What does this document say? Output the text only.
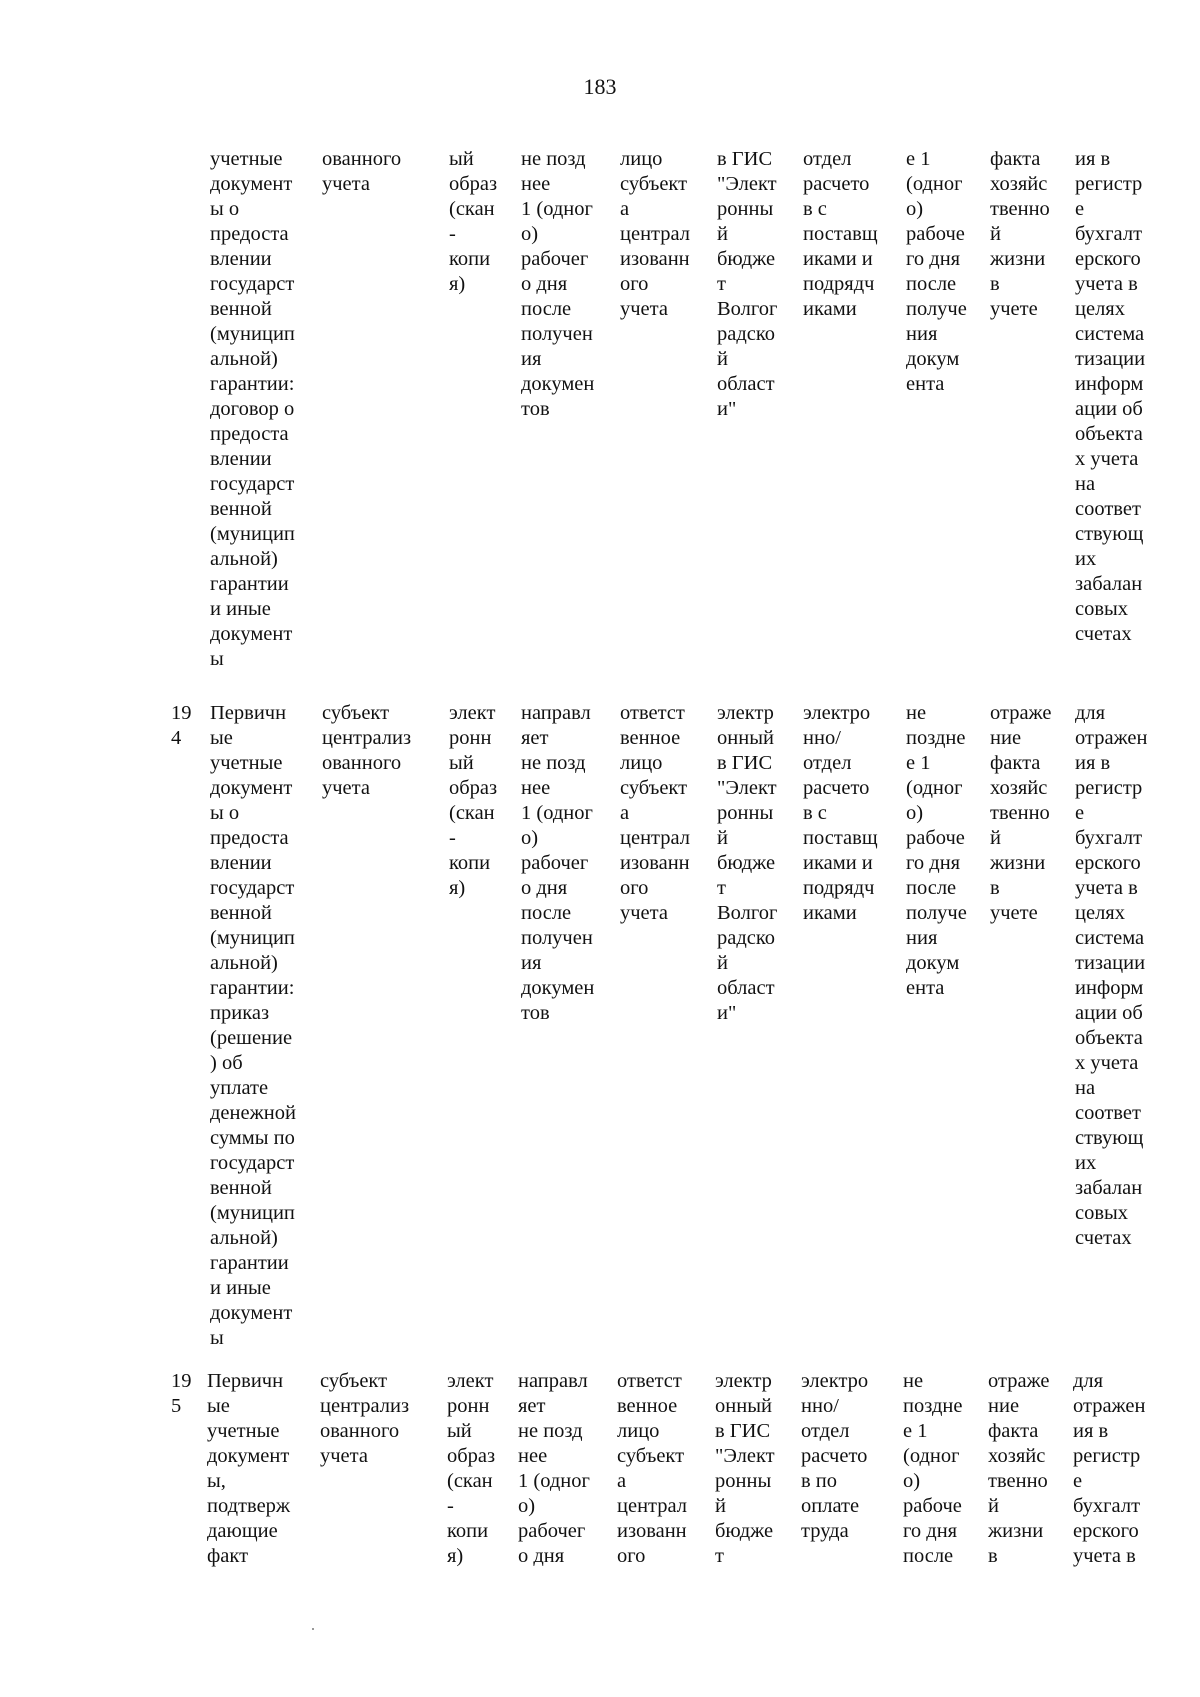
183
учетные
документ
ы о
предоста
влении
государст
венной
(муницип
альной)
гарантии:
договор о
предоста
влении
государст
венной
(муницип
альной)
гарантии
и иные
документ
ы
ованного
учета
ый
образ
(скан
-
копи
я)
не позд
нее
1 (одног
о)
рабочег
о дня
после
получен
ия
докумен
тов
лицо
субъект
а
централ
изованн
ого
учета
в ГИС
"Элект
ронны
й
бюдже
т
Волгог
радско
й
област
и"
отдел
расчето
в с
поставщ
иками и
подрядч
иками
е 1
(одног
о)
рабоче
го дня
после
получе
ния
докум
ента
факта
хозяйс
твенно
й
жизни
в
учете
ия в
регистр
е
бухгалт
ерского
учета в
целях
система
тизации
информ
ации об
объекта
х учета
на
соответ
ствующ
их
забалан
совых
счетах
19
4
Первичн
ые
учетные
документ
ы о
предоста
влении
государст
венной
(муницип
альной)
гарантии:
приказ
(решение
) об
уплате
денежной
суммы по
государст
венной
(муницип
альной)
гарантии
и иные
документ
ы
субъект
централиз
ованного
учета
элект
ронн
ый
образ
(скан
-
копи
я)
направл
яет
не позд
нее
1 (одног
о)
рабочег
о дня
после
получен
ия
докумен
тов
ответст
венное
лицо
субъект
а
централ
изованн
ого
учета
электр
онный
в ГИС
"Элект
ронны
й
бюдже
т
Волгог
радско
й
област
и"
электро
нно/
отдел
расчето
в с
поставщ
иками и
подрядч
иками
не
поздне
е 1
(одног
о)
рабоче
го дня
после
получе
ния
докум
ента
отраже
ние
факта
хозяйс
твенно
й
жизни
в
учете
для
отражен
ия в
регистр
е
бухгалт
ерского
учета в
целях
система
тизации
информ
ации об
объекта
х учета
на
соответ
ствующ
их
забалан
совых
счетах
19
5
Первичн
ые
учетные
документ
ы,
подтверж
дающие
факт
субъект
централиз
ованного
учета
элект
ронн
ый
образ
(скан
-
копи
я)
направл
яет
не позд
нее
1 (одног
о)
рабочег
о дня
ответст
венное
лицо
субъект
а
централ
изованн
ого
электр
онный
в ГИС
"Элект
ронны
й
бюдже
т
электро
нно/
отдел
расчето
в по
оплате
труда
не
поздне
е 1
(одног
о)
рабоче
го дня
после
отраже
ние
факта
хозяйс
твенно
й
жизни
в
для
отражен
ия в
регистр
е
бухгалт
ерского
учета в
